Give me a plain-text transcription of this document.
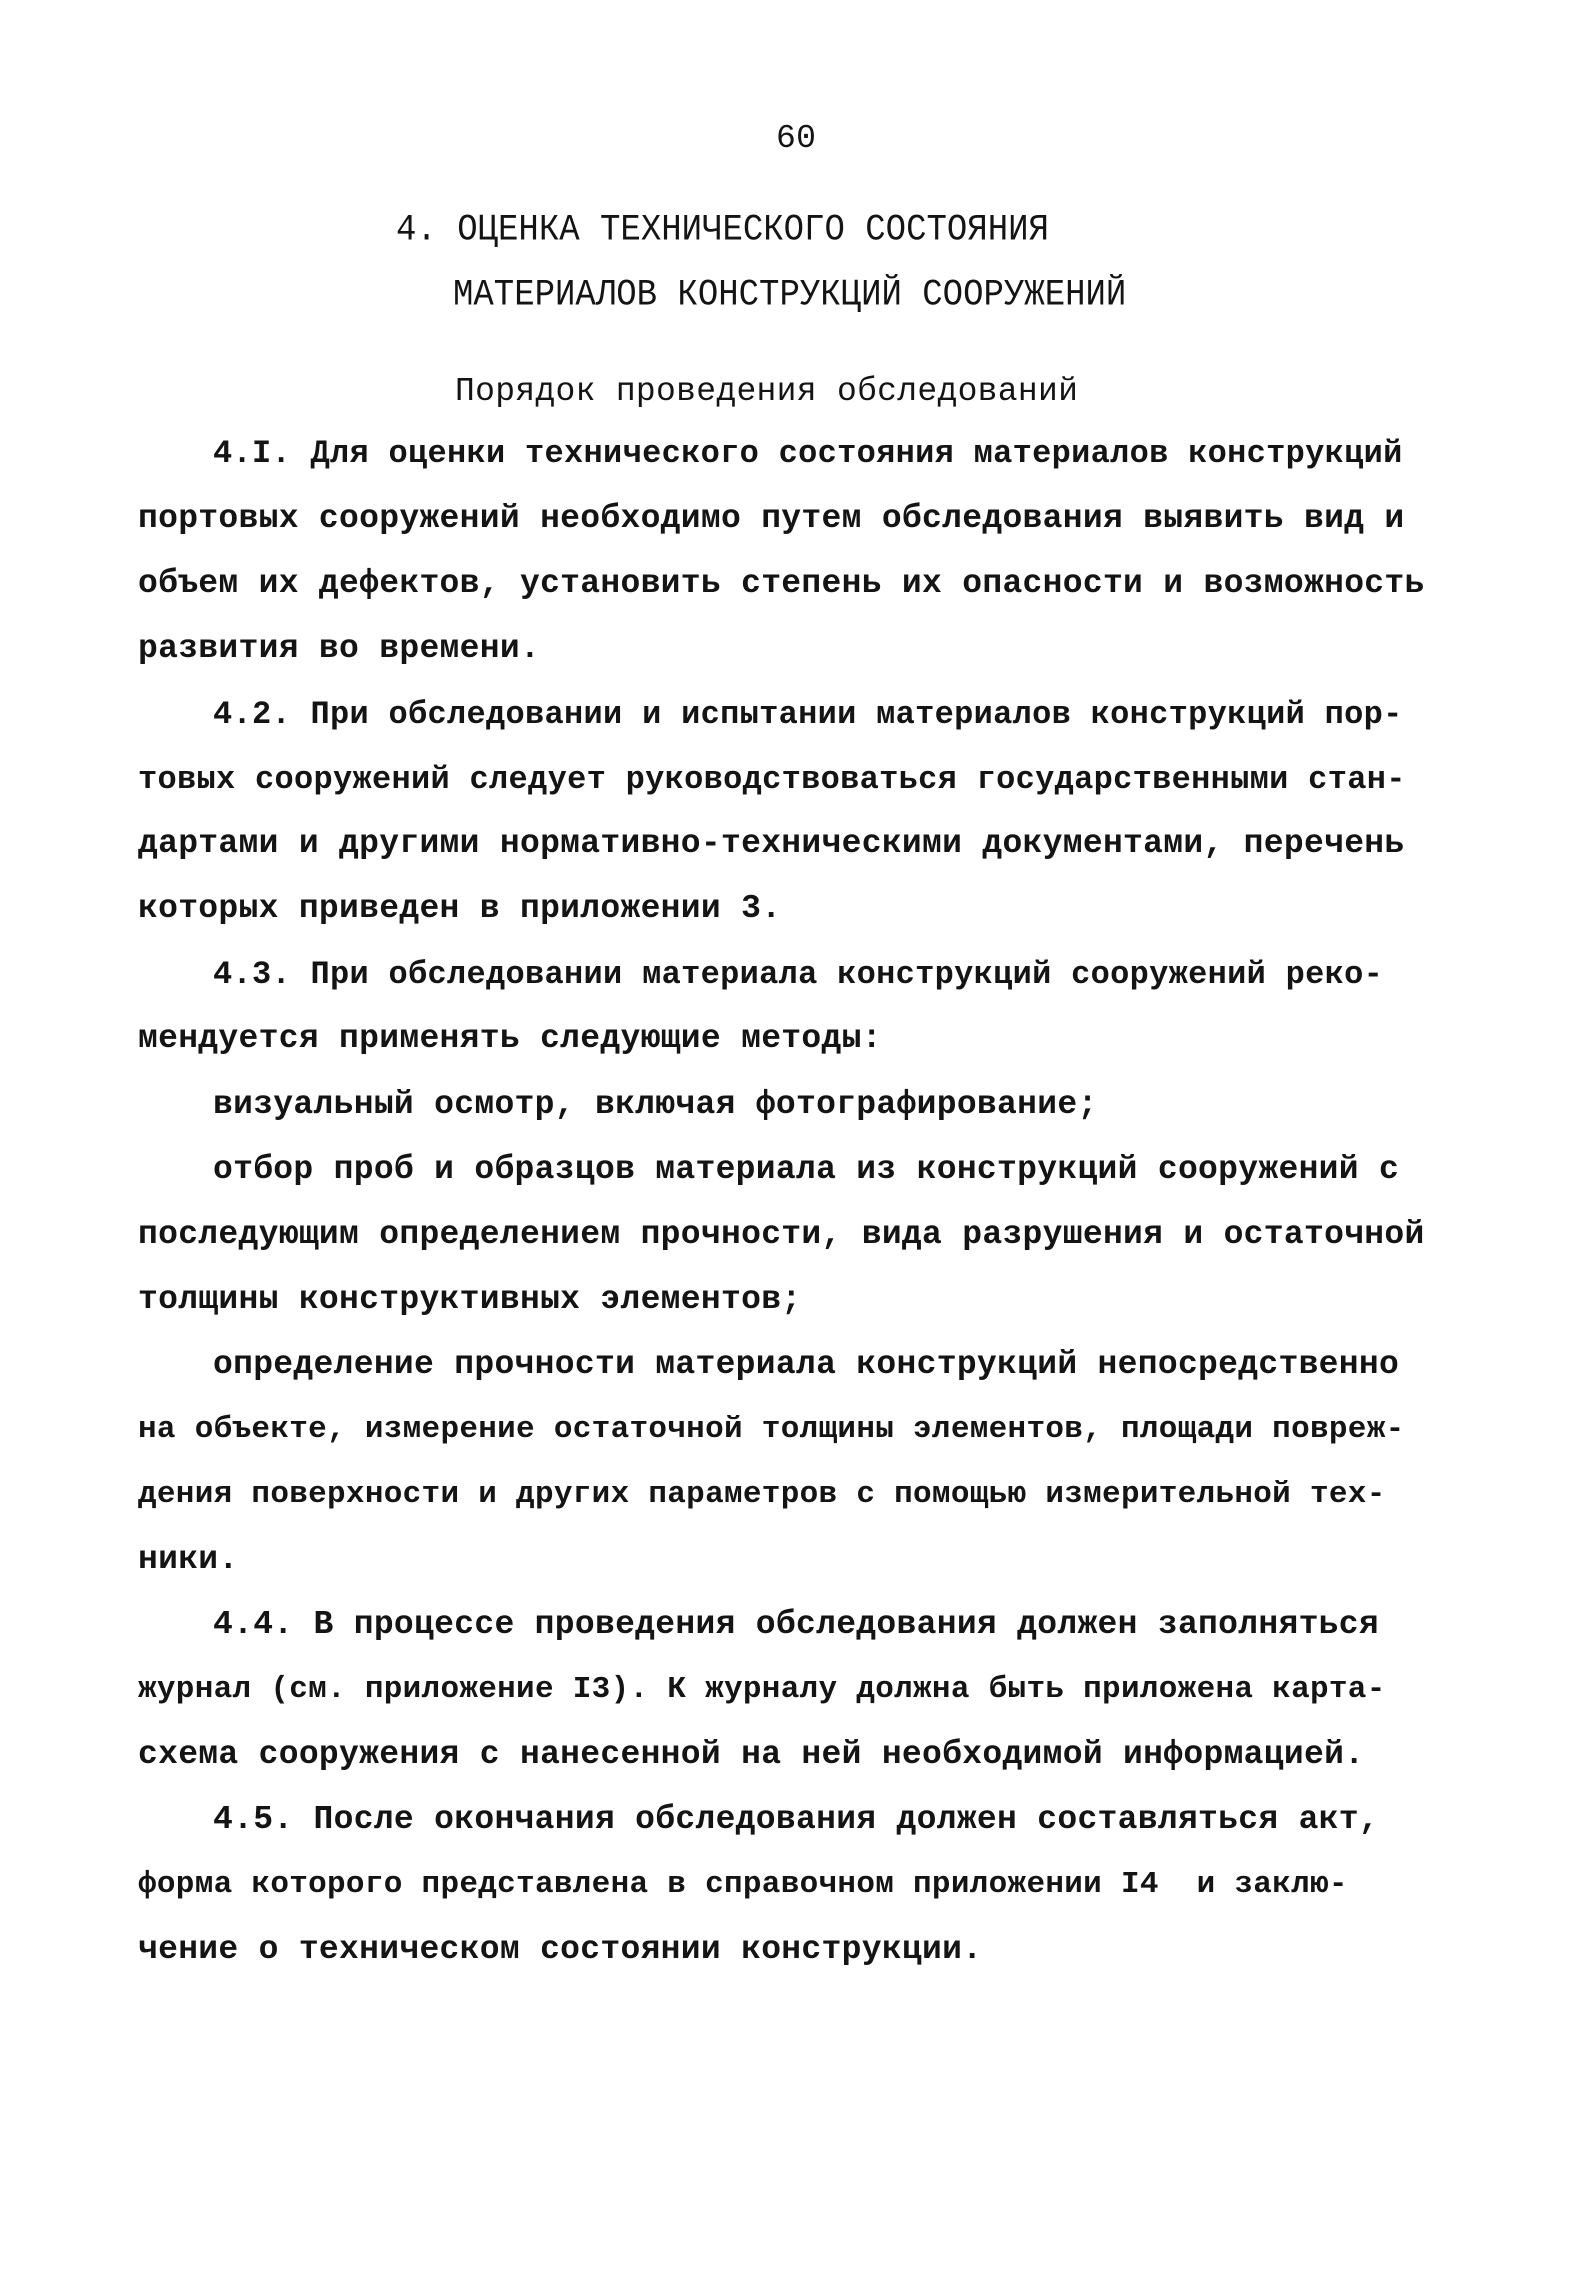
60
4. ОЦЕНКА ТЕХНИЧЕСКОГО СОСТОЯНИЯ
МАТЕРИАЛОВ КОНСТРУКЦИЙ СООРУЖЕНИЙ
Порядок проведения обследований
4.I. Для оценки технического состояния материалов конструкций
портовых сооружений необходимо путем обследования выявить вид и
объем их дефектов, установить степень их опасности и возможность
развития во времени.
4.2. При обследовании и испытании материалов конструкций пор-
товых сооружений следует руководствоваться государственными стан-
дартами и другими нормативно-техническими документами, перечень
которых приведен в приложении 3.
4.3. При обследовании материала конструкций сооружений реко-
мендуется применять следующие методы:
визуальный осмотр, включая фотографирование;
отбор проб и образцов материала из конструкций сооружений с
последующим определением прочности, вида разрушения и остаточной
толщины конструктивных элементов;
определение прочности материала конструкций непосредственно
на объекте, измерение остаточной толщины элементов, площади повреж-
дения поверхности и других параметров с помощью измерительной тех-
ники.
4.4. В процессе проведения обследования должен заполняться
журнал (см. приложение I3). К журналу должна быть приложена карта-
схема сооружения с нанесенной на ней необходимой информацией.
4.5. После окончания обследования должен составляться акт,
форма которого представлена в справочном приложении I4  и заклю-
чение о техническом состоянии конструкции.
